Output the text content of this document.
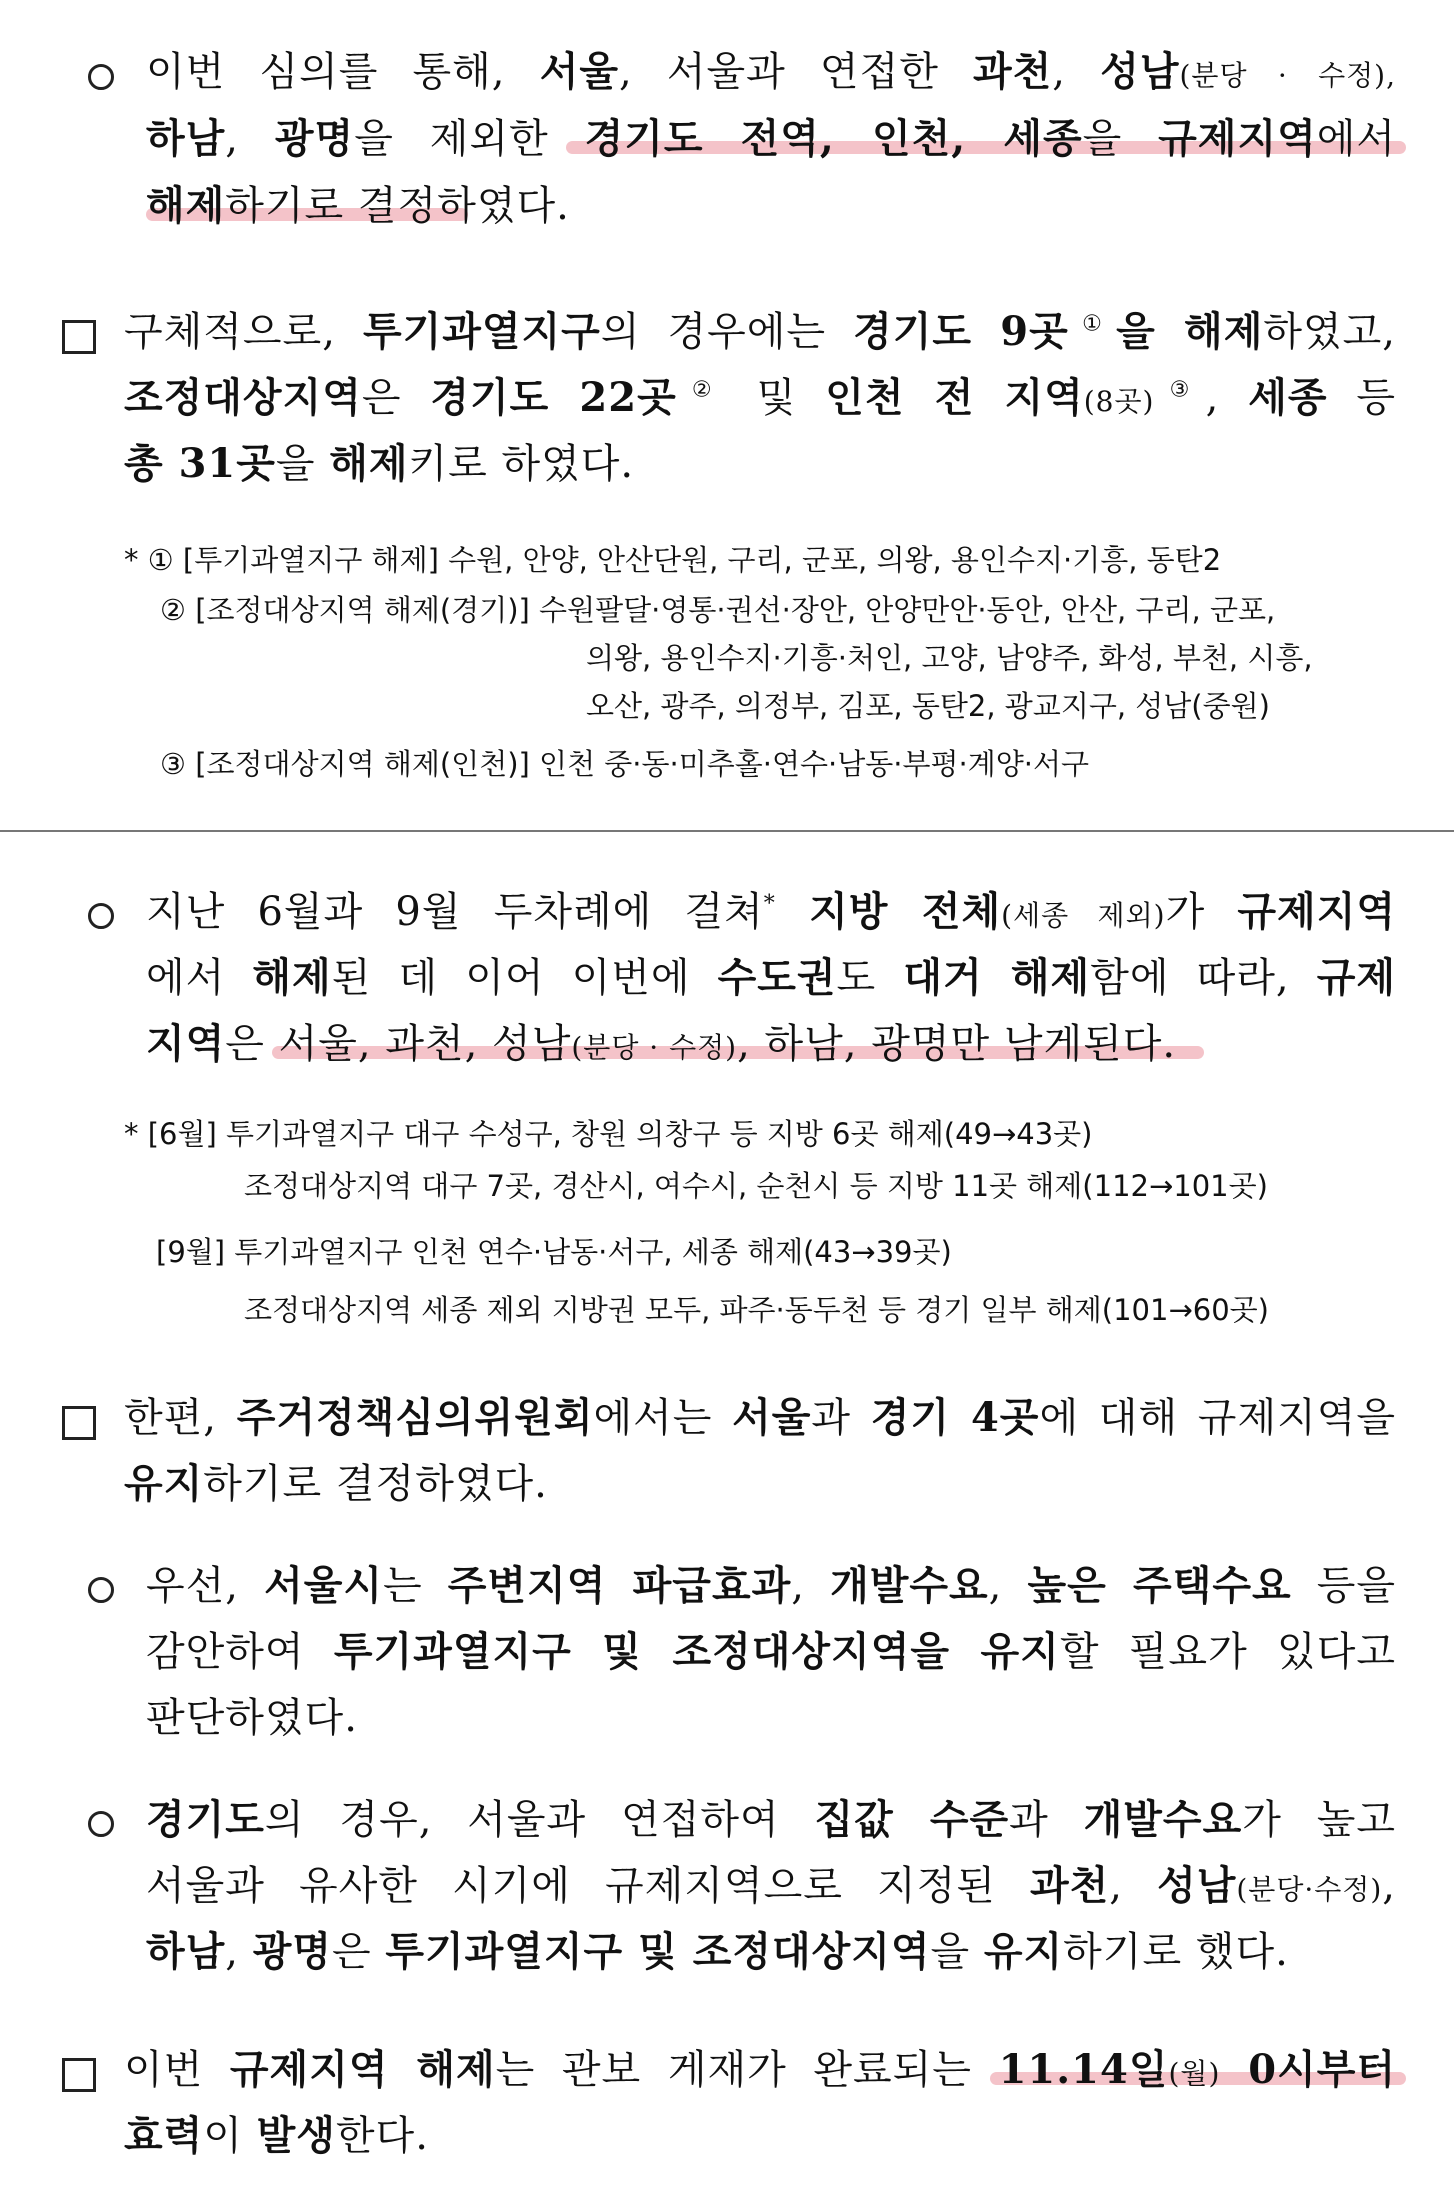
이번 심의를 통해, 서울, 서울과 연접한 과천, 성남(분당 · 수정),
하남, 광명을 제외한 경기도 전역, 인천, 세종을 규제지역에서
해제하기로 결정하였다.
구체적으로, 투기과열지구의 경우에는 경기도 9곳①을 해제하였고,
조정대상지역은 경기도 22곳② 및 인천 전 지역(8곳)③, 세종 등
총 31곳을 해제키로 하였다.
* ① [투기과열지구 해제] 수원, 안양, 안산단원, 구리, 군포, 의왕, 용인수지·기흥, 동탄2
② [조정대상지역 해제(경기)] 수원팔달·영통·권선·장안, 안양만안·동안, 안산, 구리, 군포,
의왕, 용인수지·기흥·처인, 고양, 남양주, 화성, 부천, 시흥,
오산, 광주, 의정부, 김포, 동탄2, 광교지구, 성남(중원)
③ [조정대상지역 해제(인천)] 인천 중·동·미추홀·연수·남동·부평·계양·서구
지난 6월과 9월 두차례에 걸쳐* 지방 전체(세종 제외)가 규제지역
에서 해제된 데 이어 이번에 수도권도 대거 해제함에 따라, 규제
지역은 서울, 과천, 성남(분당 · 수정), 하남, 광명만 남게된다.
* [6월] 투기과열지구 대구 수성구, 창원 의창구 등 지방 6곳 해제(49→43곳)
조정대상지역 대구 7곳, 경산시, 여수시, 순천시 등 지방 11곳 해제(112→101곳)
[9월] 투기과열지구 인천 연수·남동·서구, 세종 해제(43→39곳)
조정대상지역 세종 제외 지방권 모두, 파주·동두천 등 경기 일부 해제(101→60곳)
한편, 주거정책심의위원회에서는 서울과 경기 4곳에 대해 규제지역을
유지하기로 결정하였다.
우선, 서울시는 주변지역 파급효과, 개발수요, 높은 주택수요 등을
감안하여 투기과열지구 및 조정대상지역을 유지할 필요가 있다고
판단하였다.
경기도의 경우, 서울과 연접하여 집값 수준과 개발수요가 높고
서울과 유사한 시기에 규제지역으로 지정된 과천, 성남(분당·수정),
하남, 광명은 투기과열지구 및 조정대상지역을 유지하기로 했다.
이번 규제지역 해제는 관보 게재가 완료되는 11.14일(월) 0시부터
효력이 발생한다.
